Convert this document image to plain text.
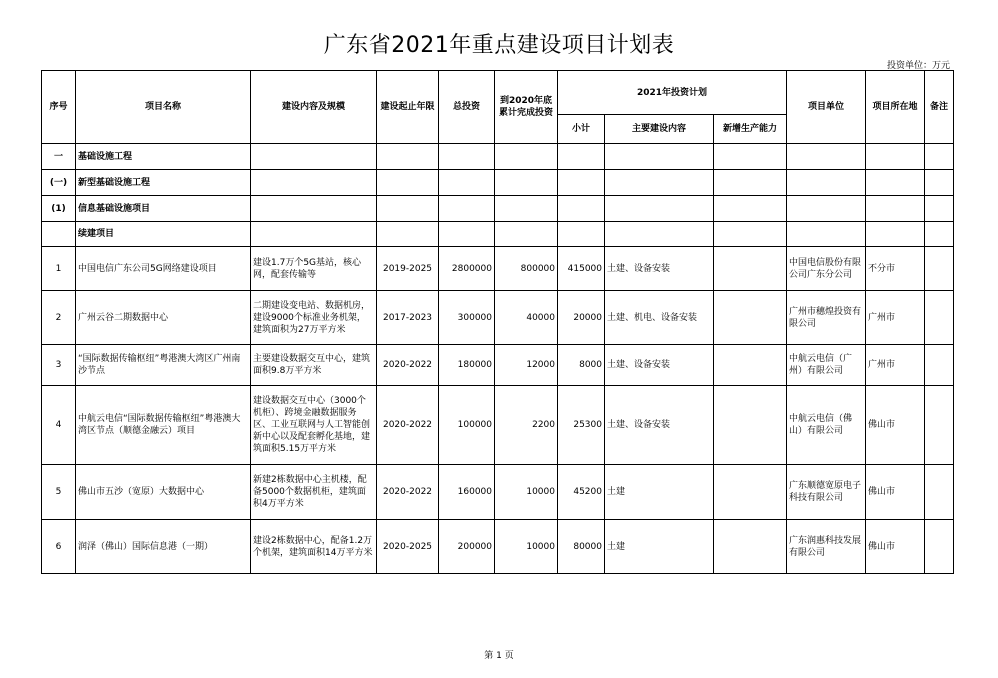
广东省2021年重点建设项目计划表
投资单位：万元
序号	项目名称	建设内容及规模	建设起止年限	总投资	到2020年底累计完成投资	2021年投资计划			项目单位	项目所在地	备注
						小计	主要建设内容	新增生产能力			
一	基础设施工程										
(一)	新型基础设施工程										
(1)	信息基础设施项目										
	续建项目										
1	中国电信广东公司5G网络建设项目	建设1.7万个5G基站，核心网，配套传输等	2019-2025	2800000	800000	415000	土建、设备安装		中国电信股份有限公司广东分公司	不分市	
2	广州云谷二期数据中心	二期建设变电站、数据机房，建设9000个标准业务机架，建筑面积为27万平方米	2017-2023	300000	40000	20000	土建、机电、设备安装		广州市穗煌投资有限公司	广州市	
3	“国际数据传输枢纽”粤港澳大湾区广州南沙节点	主要建设数据交互中心，建筑面积9.8万平方米	2020-2022	180000	12000	8000	土建、设备安装		中航云电信（广州）有限公司	广州市	
4	中航云电信“国际数据传输枢纽”粤港澳大湾区节点（顺德金融云）项目	建设数据交互中心（3000个机柜）、跨境金融数据服务区、工业互联网与人工智能创新中心以及配套孵化基地，建筑面积5.15万平方米	2020-2022	100000	2200	25300	土建、设备安装		中航云电信（佛山）有限公司	佛山市	
5	佛山市五沙（宽原）大数据中心	新建2栋数据中心主机楼，配备5000个数据机柜，建筑面积4万平方米	2020-2022	160000	10000	45200	土建		广东顺德宽原电子科技有限公司	佛山市	
6	润泽（佛山）国际信息港（一期）	建设2栋数据中心，配备1.2万个机架，建筑面积14万平方米	2020-2025	200000	10000	80000	土建		广东润惠科技发展有限公司	佛山市	
第 1 页
